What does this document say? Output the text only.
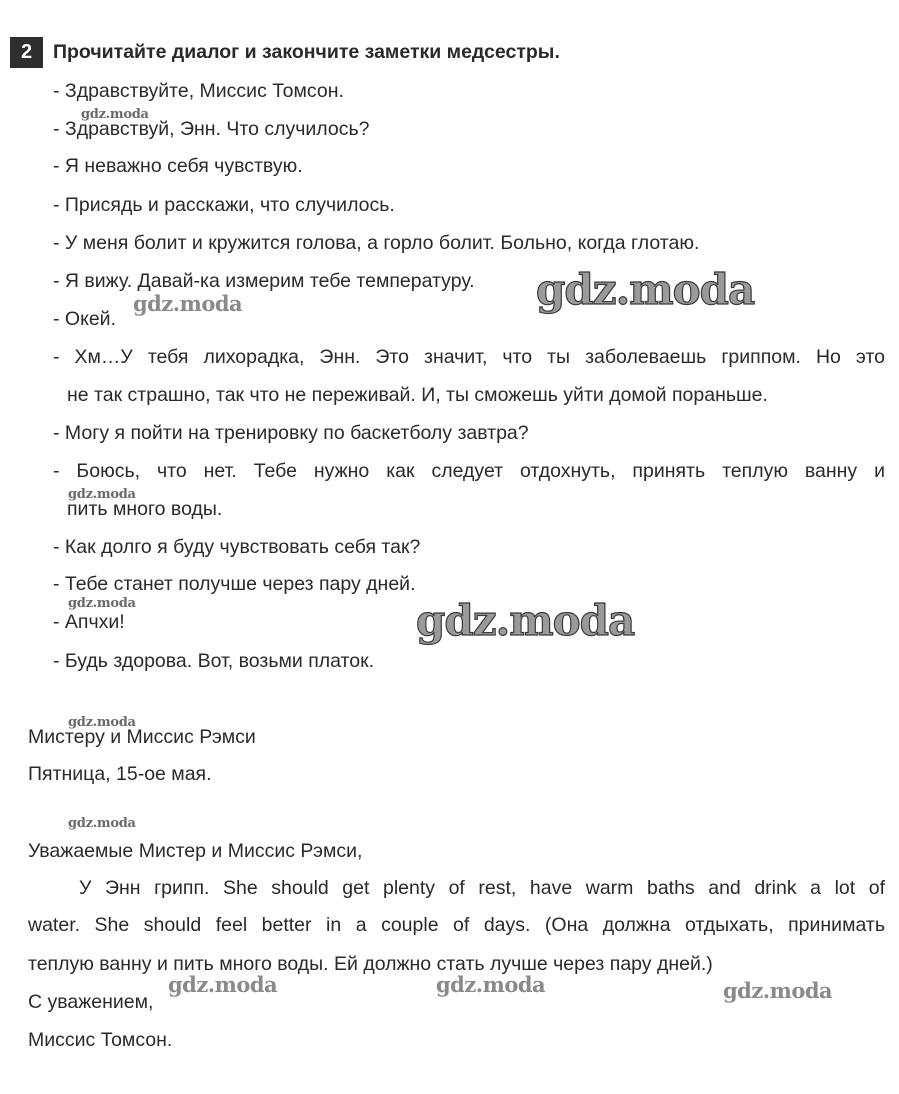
2	Прочитайте диалог и закончите заметки медсестры.
- Здравствуйте, Миссис Томсон.
- Здравствуй, Энн. Что случилось?
- Я неважно себя чувствую.
- Присядь и расскажи, что случилось.
- У меня болит и кружится голова, а горло болит. Больно, когда глотаю.
- Я вижу. Давай-ка измерим тебе температуру.
- Окей.
- Хм…У тебя лихорадка, Энн. Это значит, что ты заболеваешь гриппом. Но это
не так страшно, так что не переживай. И, ты сможешь уйти домой пораньше.
- Могу я пойти на тренировку по баскетболу завтра?
- Боюсь, что нет. Тебе нужно как следует отдохнуть, принять теплую ванну и
пить много воды.
- Как долго я буду чувствовать себя так?
- Тебе станет получше через пару дней.
- Апчхи!
- Будь здорова. Вот, возьми платок.
Мистеру и Миссис Рэмси
Пятница, 15-ое мая.
Уважаемые Мистер и Миссис Рэмси,
У Энн грипп. She should get plenty of rest, have warm baths and drink a lot of
water. She should feel better in a couple of days. (Она должна отдыхать, принимать
теплую ванну и пить много воды. Ей должно стать лучше через пару дней.)
С уважением,
Миссис Томсон.
gdz.moda
gdz.moda
gdz.moda
gdz.moda
gdz.moda	gdz.moda
gdz.moda
gdz.moda
gdz.moda	gdz.moda	gdz.moda
